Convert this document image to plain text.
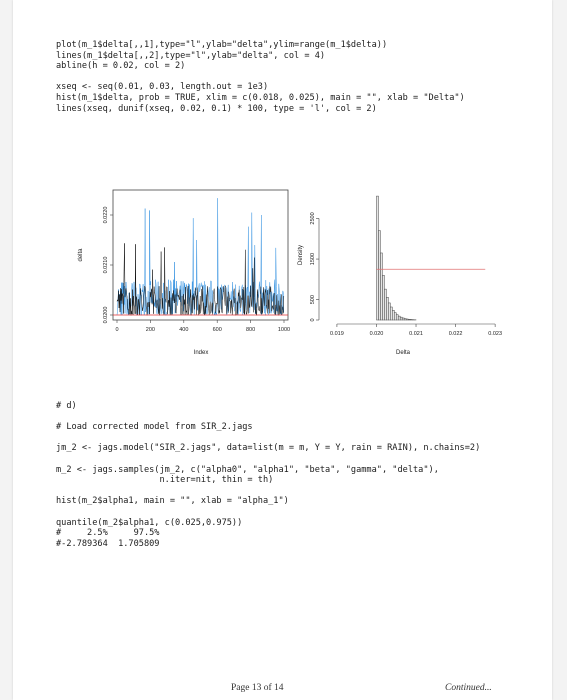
plot(m_1$delta[,,1],type="l",ylab="delta",ylim=range(m_1$delta))
lines(m_1$delta[,,2],type="l",ylab="delta", col = 4)
abline(h = 0.02, col = 2)
xseq <- seq(0.01, 0.03, length.out = 1e3)
hist(m_1$delta, prob = TRUE, xlim = c(0.018, 0.025), main = "", xlab = "Delta")
lines(xseq, dunif(xseq, 0.02, 0.1) * 100, type = 'l', col = 2)
0	200	400	600	800	1000
0.0200
0.0210
0.0220
Index
delta
0.019	0.020	0.021	0.022	0.023
0
500
1500
2500
Delta
Density
# d)
# Load corrected model from SIR_2.jags
jm_2 <- jags.model("SIR_2.jags", data=list(m = m, Y = Y, rain = RAIN), n.chains=2)
m_2 <- jags.samples(jm_2, c("alpha0", "alpha1", "beta", "gamma", "delta"),
n.iter=nit, thin = th)
hist(m_2$alpha1, main = "", xlab = "alpha_1")
quantile(m_2$alpha1, c(0.025,0.975))
#     2.5%     97.5%
#-2.789364  1.705809
Page 13 of 14	Continued...
